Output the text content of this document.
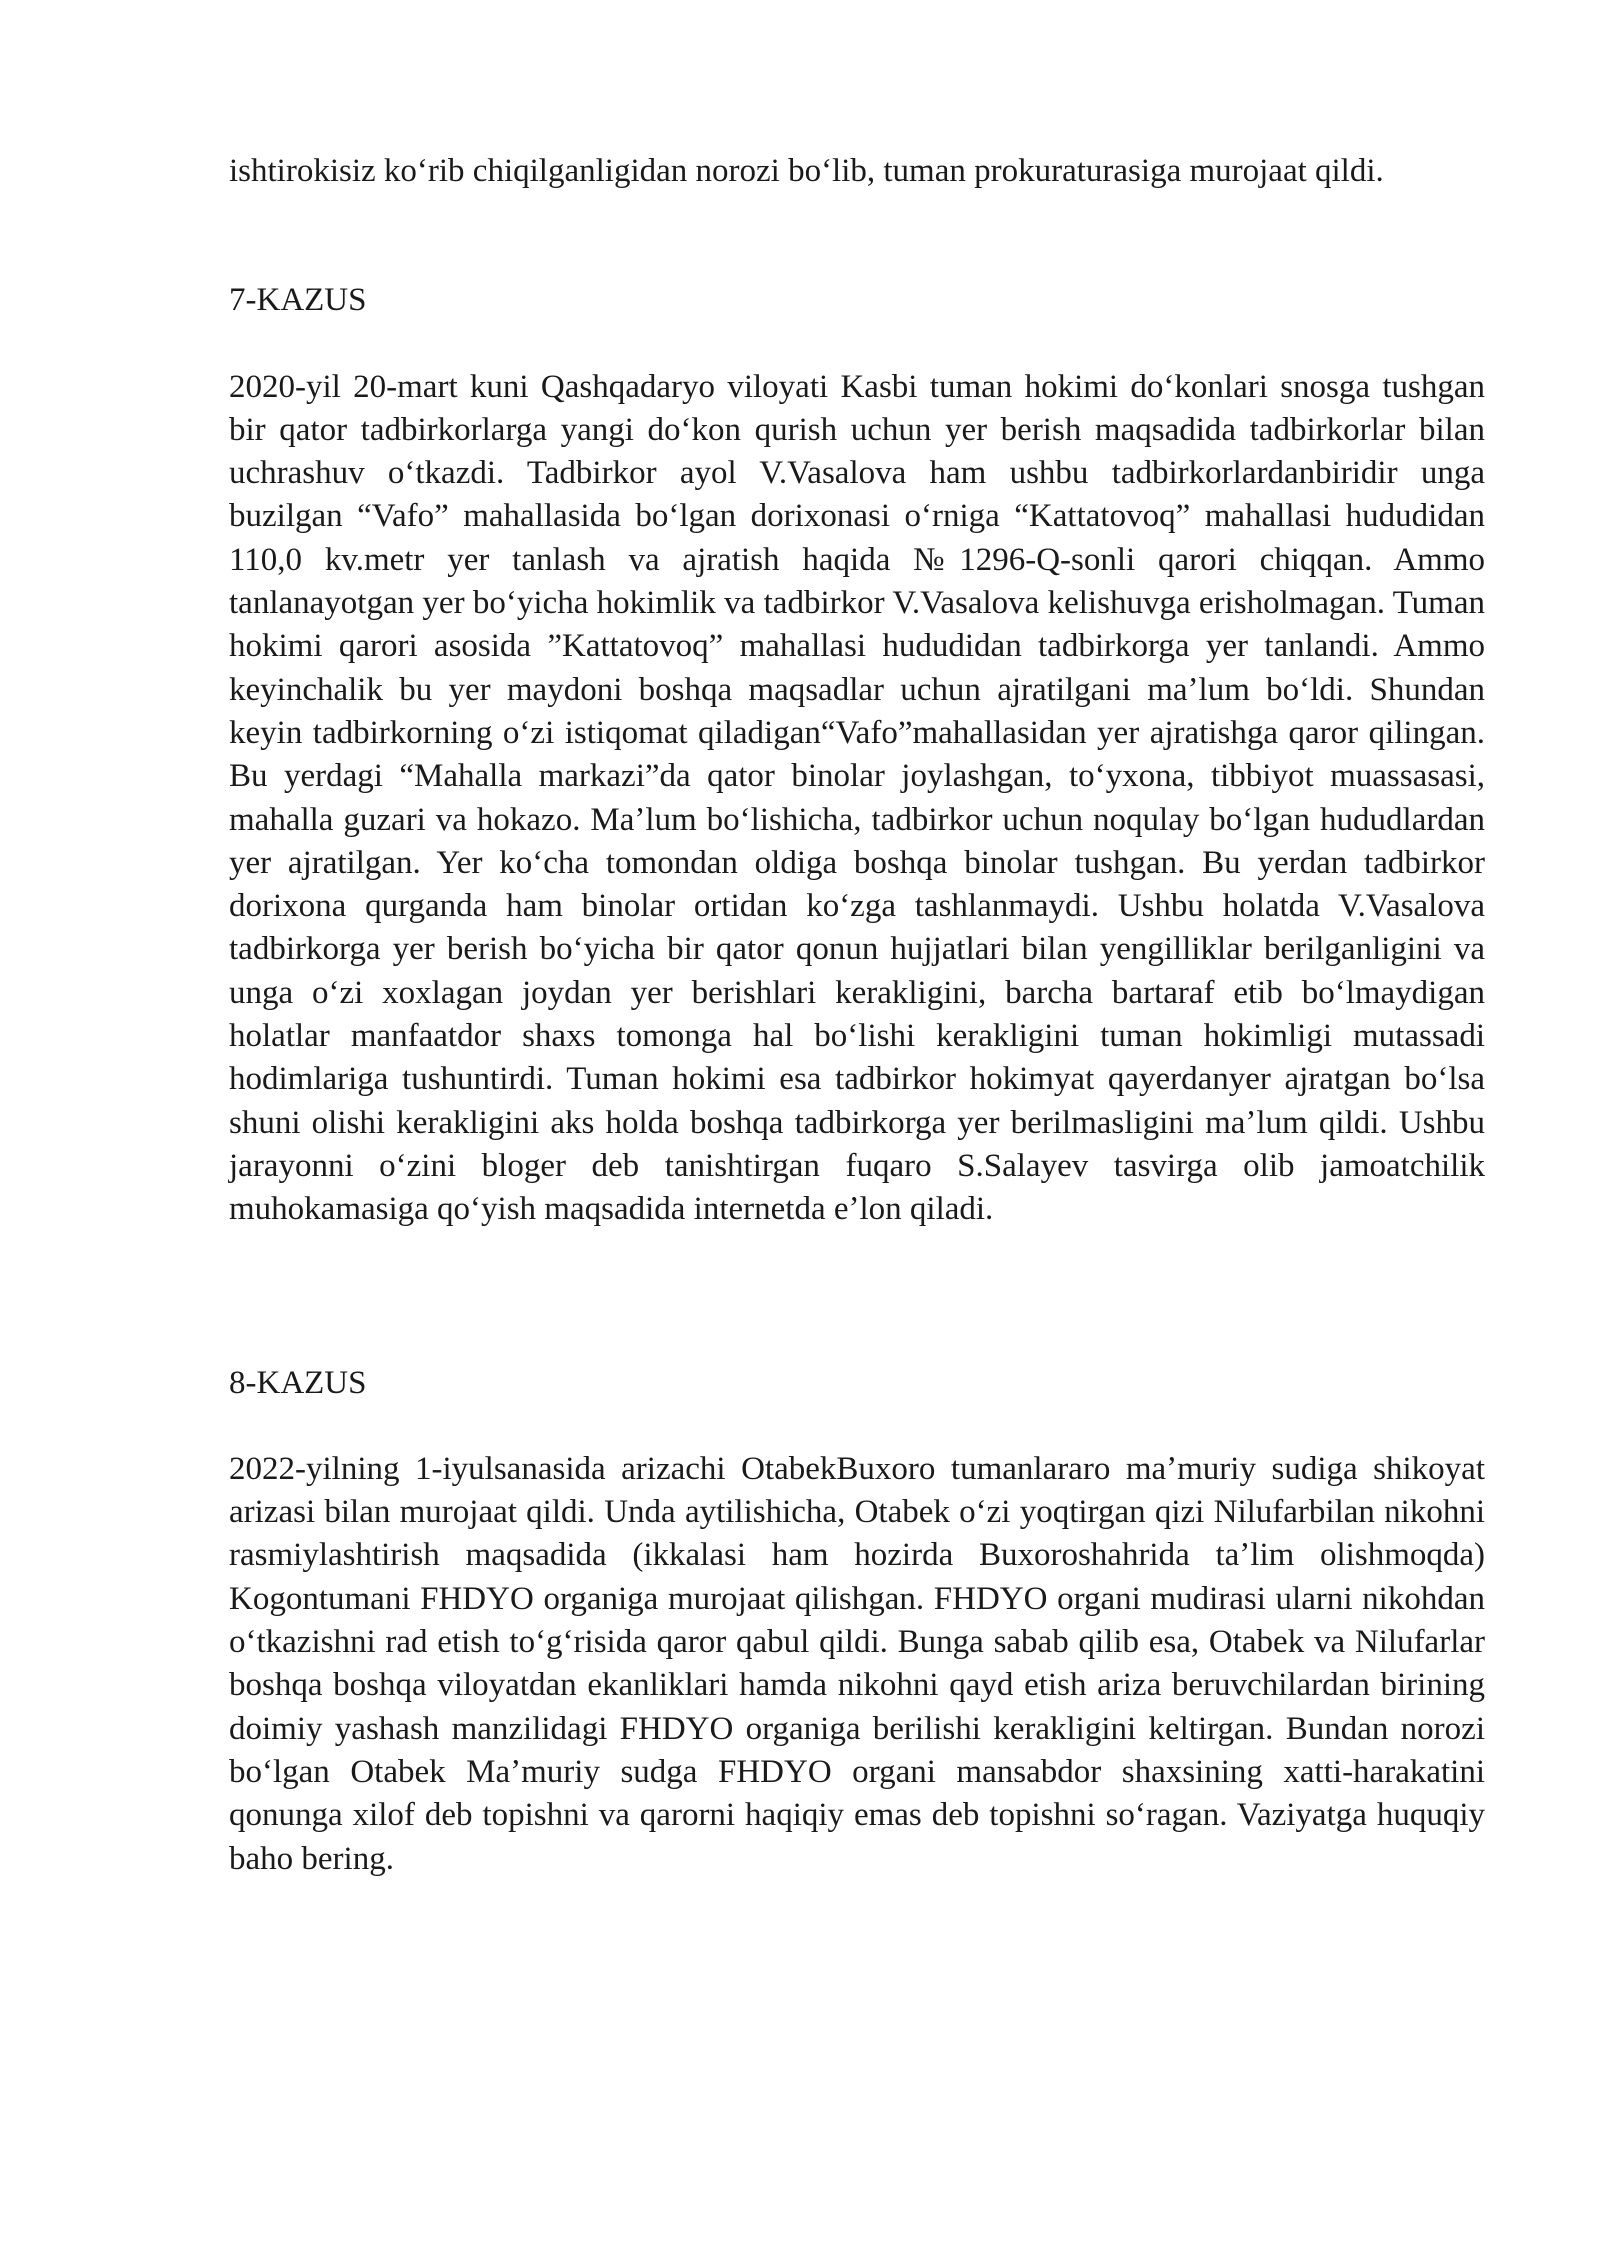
ishtirokisiz koʻrib chiqilganligidan norozi boʻlib, tuman prokuraturasiga murojaat qildi.

7-KAZUS

2020-yil 20-mart kuni Qashqadaryo viloyati Kasbi tuman hokimi doʻkonlari snosga tushgan bir qator tadbirkorlarga yangi doʻkon qurish uchun yer berish maqsadida tadbirkorlar bilan uchrashuv oʻtkazdi. Tadbirkor ayol V.Vasalova ham ushbu tadbirkorlardanbiridir unga buzilgan “Vafo” mahallasida boʻlgan dorixonasi oʻrniga “Kattatovoq” mahallasi hududidan 110,0 kv.metr yer tanlash va ajratish haqida №1296-Q-sonli qarori chiqqan. Ammo tanlanayotgan yer boʻyicha hokimlik va tadbirkor V.Vasalova kelishuvga erisholmagan. Tuman hokimi qarori asosida ”Kattatovoq” mahallasi hududidan tadbirkorga yer tanlandi. Ammo keyinchalik bu yer maydoni boshqa maqsadlar uchun ajratilgani maʼlum boʻldi. Shundan keyin tadbirkorning oʻzi istiqomat qiladigan“Vafo”mahallasidan yer ajratishga qaror qilingan. Bu yerdagi “Mahalla markazi”da qator binolar joylashgan, toʻyxona, tibbiyot muassasasi, mahalla guzari va hokazo. Maʼlum boʻlishicha, tadbirkor uchun noqulay boʻlgan hududlardan yer ajratilgan. Yer koʻcha tomondan oldiga boshqa binolar tushgan. Bu yerdan tadbirkor dorixona qurganda ham binolar ortidan koʻzga tashlanmaydi. Ushbu holatda V.Vasalova tadbirkorga yer berish boʻyicha bir qator qonun hujjatlari bilan yengilliklar berilganligini va unga oʻzi xoxlagan joydan yer berishlari kerakligini, barcha bartaraf etib boʻlmaydigan holatlar manfaatdor shaxs tomonga hal boʻlishi kerakligini tuman hokimligi mutassadi hodimlariga tushuntirdi. Tuman hokimi esa tadbirkor hokimyat qayerdanyer ajratgan boʻlsa shuni olishi kerakligini aks holda boshqa tadbirkorga yer berilmasligini maʼlum qildi. Ushbu jarayonni oʻzini bloger deb tanishtirgan fuqaro S.Salayev tasvirga olib jamoatchilik muhokamasiga qoʻyish maqsadida internetda eʼlon qiladi.

8-KAZUS

2022-yilning 1-iyulsanasida arizachi OtabekBuxoro tumanlararo maʼmuriy sudiga shikoyat arizasi bilan murojaat qildi. Unda aytilishicha, Otabek oʻzi yoqtirgan qizi Nilufarbilan nikohni rasmiylashtirish maqsadida (ikkalasi ham hozirda Buxoroshahrida taʼlim olishmoqda) Kogontumani FHDYO organiga murojaat qilishgan. FHDYO organi mudirasi ularni nikohdan oʻtkazishni rad etish toʻgʻrisida qaror qabul qildi. Bunga sabab qilib esa, Otabek va Nilufarlar boshqa boshqa viloyatdan ekanliklari hamda nikohni qayd etish ariza beruvchilardan birining doimiy yashash manzilidagi FHDYO organiga berilishi kerakligini keltirgan. Bundan norozi boʻlgan Otabek Maʼmuriy sudga FHDYO organi mansabdor shaxsining xatti-harakatini qonunga xilof deb topishni va qarorni haqiqiy emas deb topishni soʻragan. Vaziyatga huquqiy baho bering.
